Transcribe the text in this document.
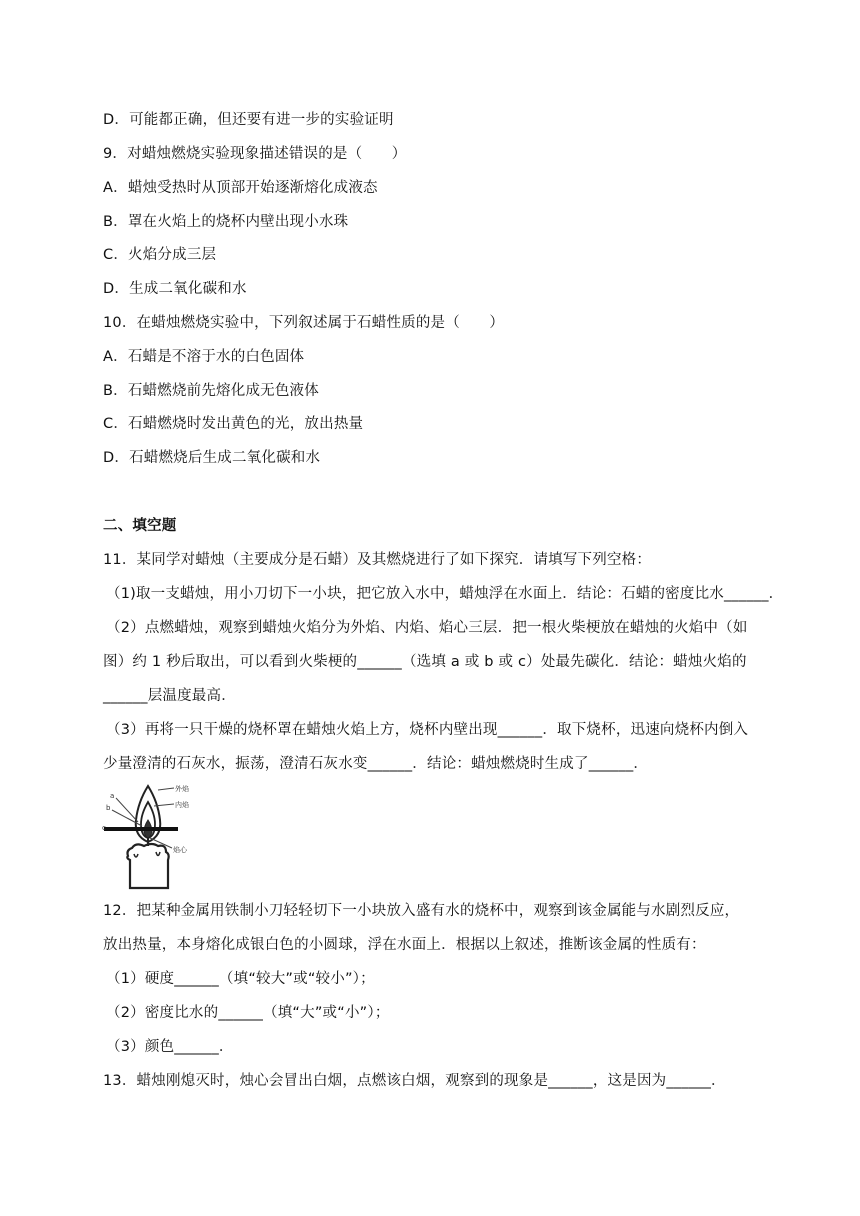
D．可能都正确，但还要有进一步的实验证明
9．对蜡烛燃烧实验现象描述错误的是（　　）
A．蜡烛受热时从顶部开始逐渐熔化成液态
B．罩在火焰上的烧杯内壁出现小水珠
C．火焰分成三层
D．生成二氧化碳和水
10．在蜡烛燃烧实验中，下列叙述属于石蜡性质的是（　　）
A．石蜡是不溶于水的白色固体
B．石蜡燃烧前先熔化成无色液体
C．石蜡燃烧时发出黄色的光，放出热量
D．石蜡燃烧后生成二氧化碳和水
二、填空题
11．某同学对蜡烛（主要成分是石蜡）及其燃烧进行了如下探究．请填写下列空格：
（1)取一支蜡烛，用小刀切下一小块，把它放入水中，蜡烛浮在水面上．结论：石蜡的密度比水______．
（2）点燃蜡烛，观察到蜡烛火焰分为外焰、内焰、焰心三层．把一根火柴梗放在蜡烛的火焰中（如
图）约 1 秒后取出，可以看到火柴梗的______（选填 a 或 b 或 c）处最先碳化．结论：蜡烛火焰的
______层温度最高．
（3）再将一只干燥的烧杯罩在蜡烛火焰上方，烧杯内壁出现______．取下烧杯，迅速向烧杯内倒入
少量澄清的石灰水，振荡，澄清石灰水变______．结论：蜡烛燃烧时生成了______．
外焰
内焰
焰心
a
b
c
12．把某种金属用铁制小刀轻轻切下一小块放入盛有水的烧杯中，观察到该金属能与水剧烈反应，
放出热量，本身熔化成银白色的小圆球，浮在水面上．根据以上叙述，推断该金属的性质有：
（1）硬度______（填“较大”或“较小”）；
（2）密度比水的______（填“大”或“小”）；
（3）颜色______．
13．蜡烛刚熄灭时，烛心会冒出白烟，点燃该白烟，观察到的现象是______，这是因为______．
